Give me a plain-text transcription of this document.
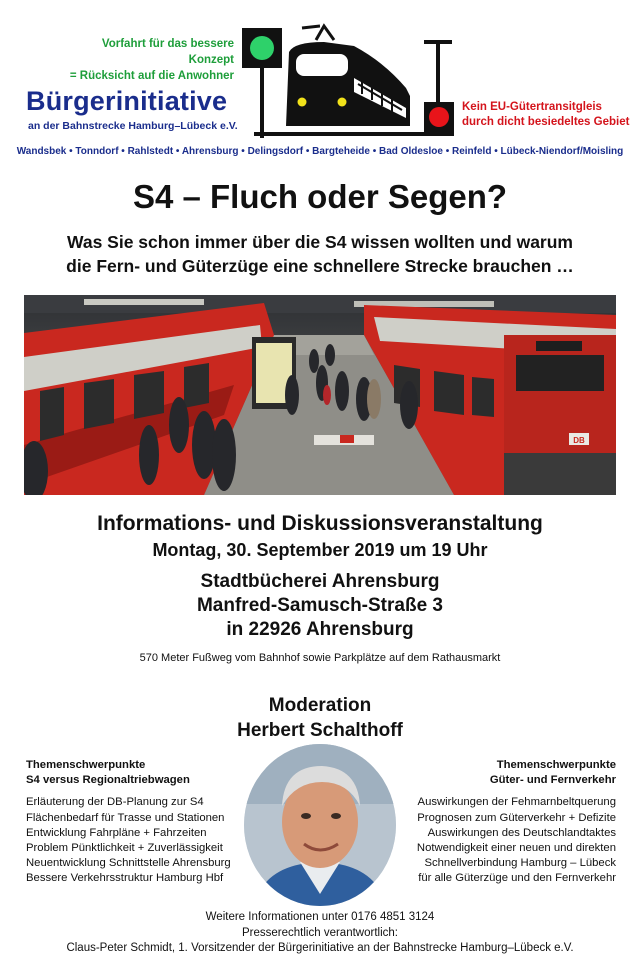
Vorfahrt für das bessere Konzept
= Rücksicht auf die Anwohner
Bürgerinitiative
an der Bahnstrecke Hamburg–Lübeck e.V.
Kein EU-Gütertransitgleis
durch dicht besiedeltes Gebiet
Wandsbek • Tonndorf • Rahlstedt • Ahrensburg • Delingsdorf • Bargteheide • Bad Oldesloe • Reinfeld • Lübeck-Niendorf/Moisling
S4 – Fluch oder Segen?
Was Sie schon immer über die S4 wissen wollten und warum
die Fern- und Güterzüge eine schnellere Strecke brauchen …
DB
Informations- und Diskussionsveranstaltung
Montag, 30. September 2019 um 19 Uhr
Stadtbücherei Ahrensburg
Manfred-Samusch-Straße 3
in 22926 Ahrensburg
570 Meter Fußweg vom Bahnhof sowie Parkplätze auf dem Rathausmarkt
Moderation
Herbert Schalthoff
Themenschwerpunkte
S4 versus Regionaltriebwagen
Erläuterung der DB-Planung zur S4
Flächenbedarf für Trasse und Stationen
Entwicklung Fahrpläne + Fahrzeiten
Problem Pünktlichkeit + Zuverlässigkeit
Neuentwicklung Schnittstelle Ahrensburg
Bessere Verkehrsstruktur Hamburg Hbf
Themenschwerpunkte
Güter- und Fernverkehr
Auswirkungen der Fehmarnbeltquerung
Prognosen zum Güterverkehr + Defizite
Auswirkungen des Deutschlandtaktes
Notwendigkeit einer neuen und direkten
Schnellverbindung Hamburg – Lübeck
für alle Güterzüge und den Fernverkehr
Weitere Informationen unter 0176 4851 3124
Presserechtlich verantwortlich:
Claus-Peter Schmidt, 1. Vorsitzender der Bürgerinitiative an der Bahnstrecke Hamburg–Lübeck e.V.
